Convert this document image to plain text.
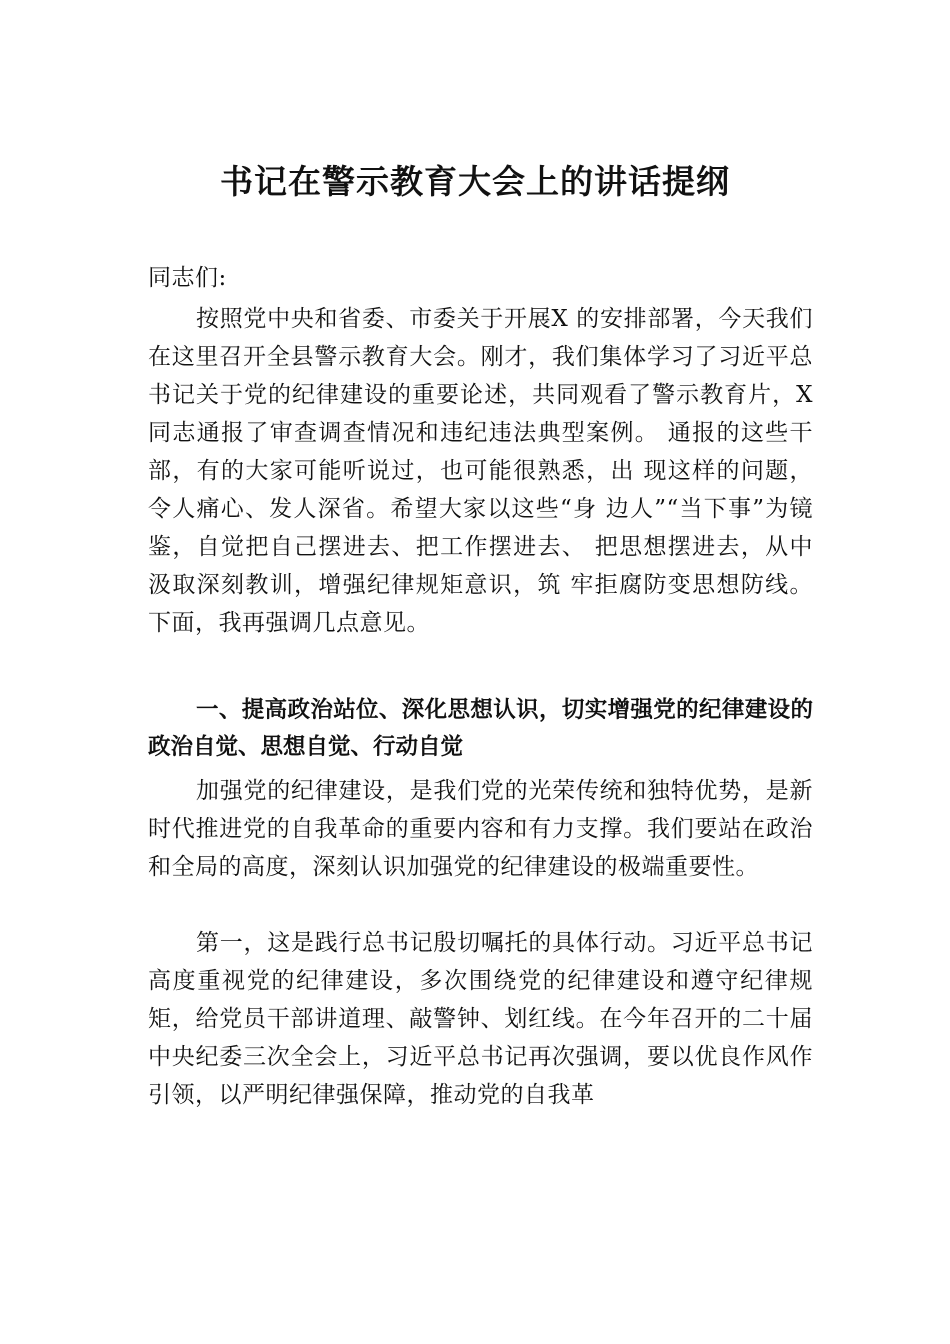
书记在警示教育大会上的讲话提纲

同志们:

按照党中央和省委、市委关于开展X 的安排部署，今天我们在这里召开全县警示教育大会。刚才，我们集体学习了习近平总书记关于党的纪律建设的重要论述，共同观看了警示教育片，X 同志通报了审查调查情况和违纪违法典型案例。 通报的这些干部，有的大家可能听说过，也可能很熟悉，出 现这样的问题，令人痛心、发人深省。希望大家以这些“身 边人”“当下事”为镜鉴，自觉把自己摆进去、把工作摆进去、 把思想摆进去，从中汲取深刻教训，增强纪律规矩意识，筑 牢拒腐防变思想防线。下面，我再强调几点意见。

一、提高政治站位、深化思想认识，切实增强党的纪律建设的政治自觉、思想自觉、行动自觉

加强党的纪律建设，是我们党的光荣传统和独特优势，是新时代推进党的自我革命的重要内容和有力支撑。我们要站在政治和全局的高度，深刻认识加强党的纪律建设的极端重要性。

第一，这是践行总书记殷切嘱托的具体行动。习近平总书记高度重视党的纪律建设，多次围绕党的纪律建设和遵守纪律规矩，给党员干部讲道理、敲警钟、划红线。在今年召开的二十届中央纪委三次全会上，习近平总书记再次强调，要以优良作风作引领，以严明纪律强保障，推动党的自我革
